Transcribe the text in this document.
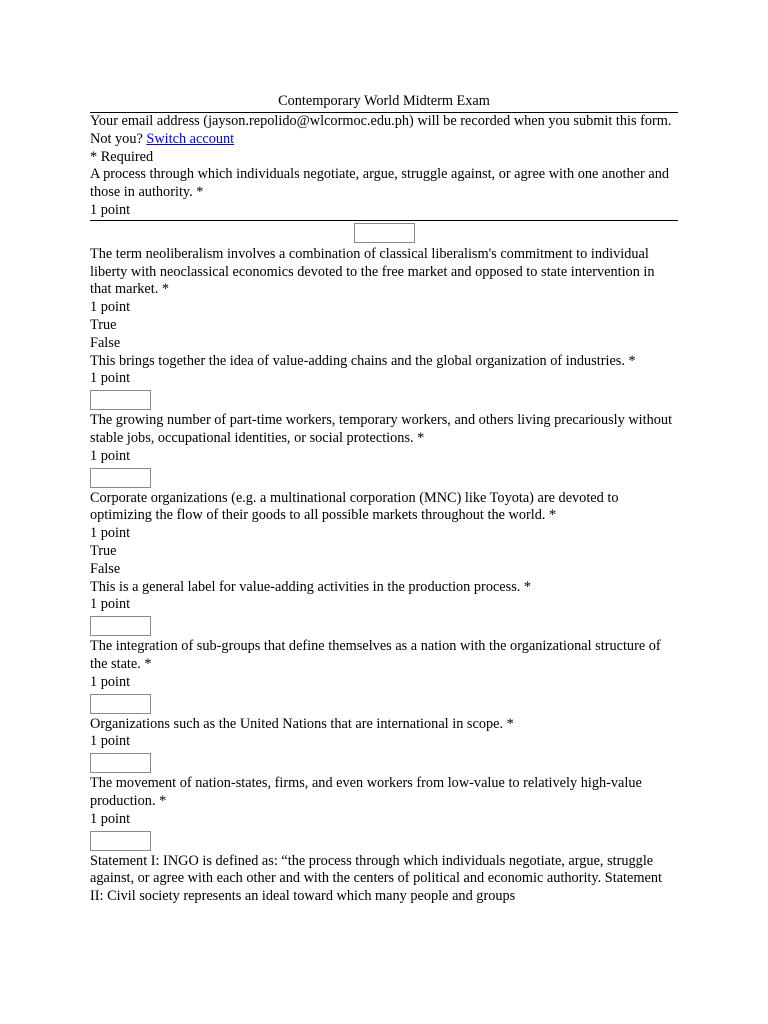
Contemporary World Midterm Exam

Your email address (jayson.repolido@wlcormoc.edu.ph) will be recorded when you submit this form. Not you? Switch account

* Required
A process through which individuals negotiate, argue, struggle against, or agree with one another and those in authority. *
1 point
The term neoliberalism involves a combination of classical liberalism's commitment to individual liberty with neoclassical economics devoted to the free market and opposed to state intervention in that market. *
1 point
True
False
This brings together the idea of value-adding chains and the global organization of industries. *
1 point
The growing number of part-time workers, temporary workers, and others living precariously without stable jobs, occupational identities, or social protections. *
1 point
Corporate organizations (e.g. a multinational corporation (MNC) like Toyota) are devoted to optimizing the flow of their goods to all possible markets throughout the world. *
1 point
True
False
This is a general label for value-adding activities in the production process. *
1 point
The integration of sub-groups that define themselves as a nation with the organizational structure of the state. *
1 point
Organizations such as the United Nations that are international in scope. *
1 point
The movement of nation-states, firms, and even workers from low-value to relatively high-value production. *
1 point
Statement I: INGO is defined as: “the process through which individuals negotiate, argue, struggle against, or agree with each other and with the centers of political and economic authority. Statement II: Civil society represents an ideal toward which many people and groups
